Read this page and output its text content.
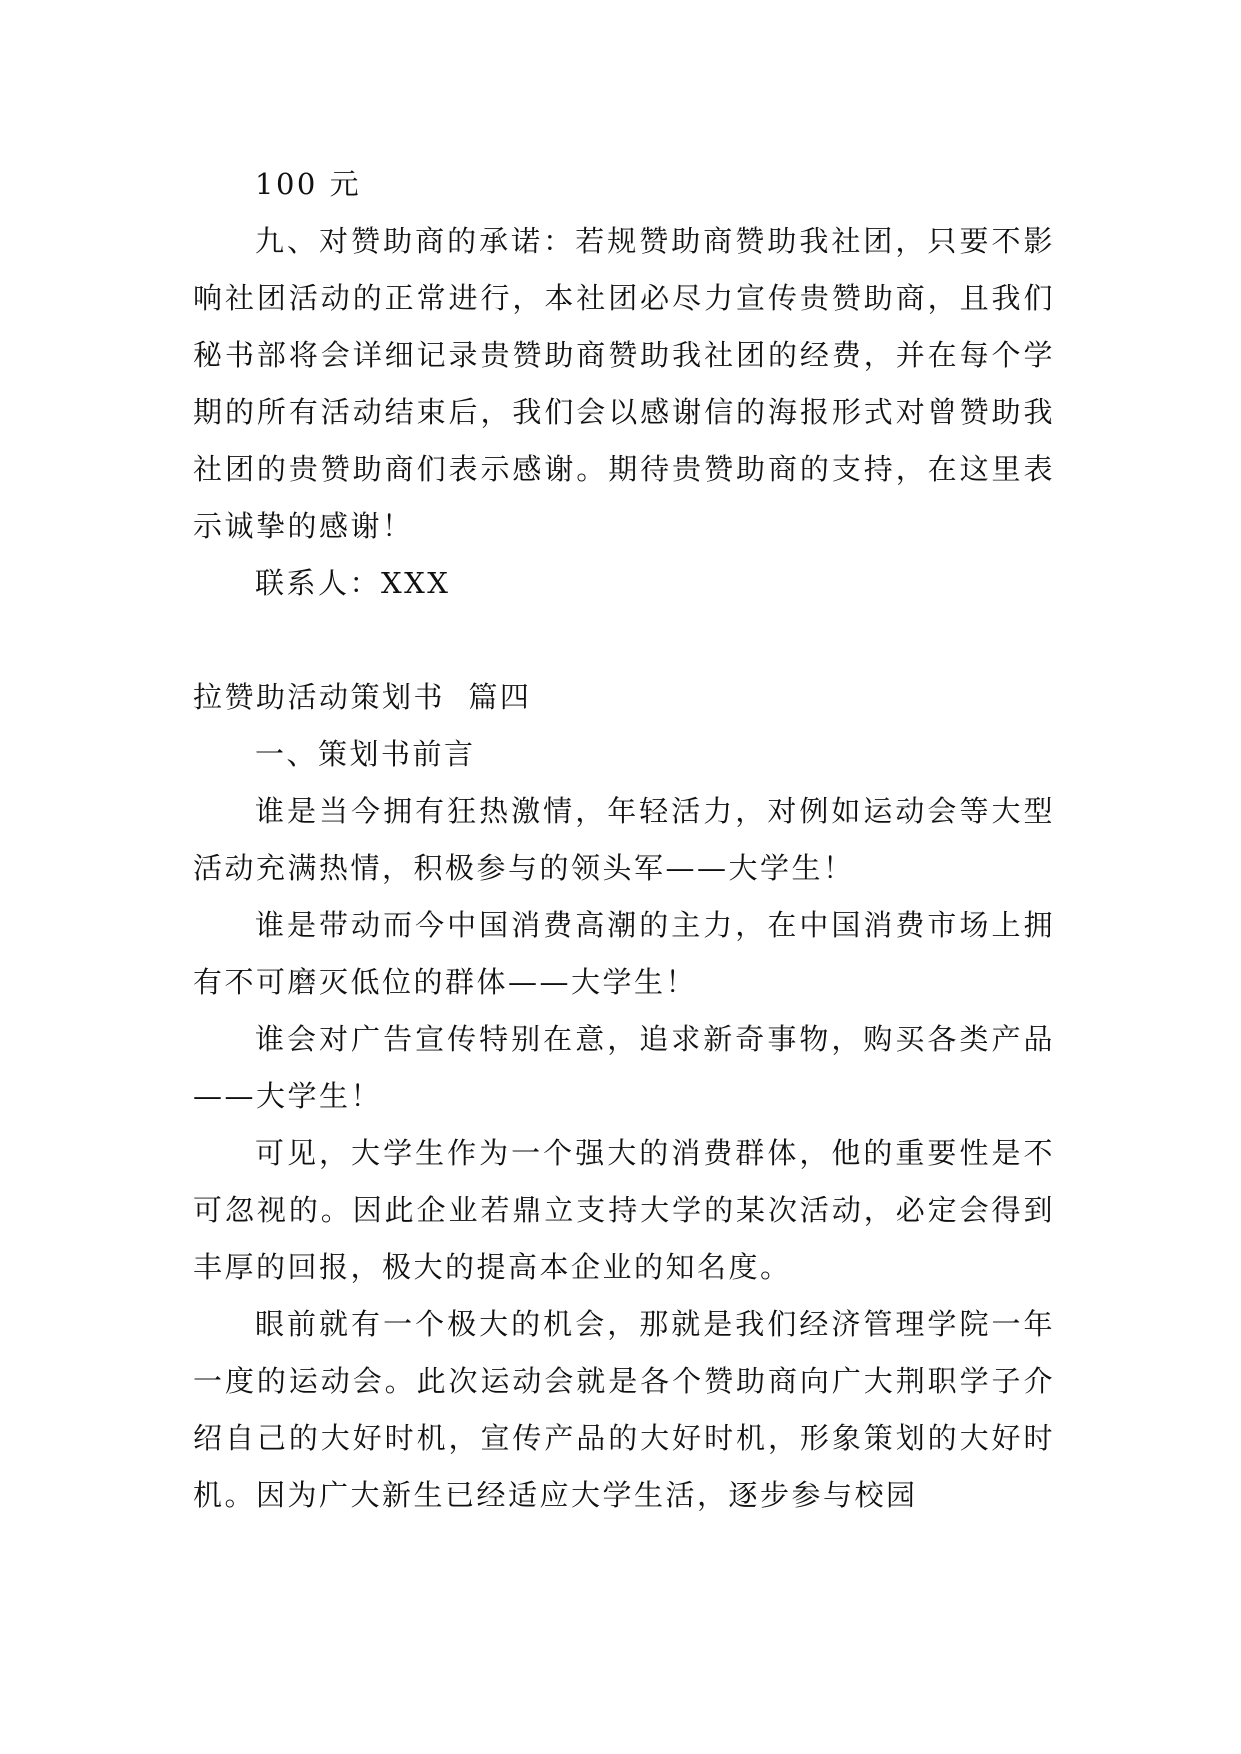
100 元

九、对赞助商的承诺：若规赞助商赞助我社团，只要不影响社团活动的正常进行，本社团必尽力宣传贵赞助商，且我们秘书部将会详细记录贵赞助商赞助我社团的经费，并在每个学期的所有活动结束后，我们会以感谢信的海报形式对曾赞助我社团的贵赞助商们表示感谢。期待贵赞助商的支持，在这里表示诚挚的感谢！

联系人：XXX

拉赞助活动策划书  篇四

一、策划书前言

谁是当今拥有狂热激情，年轻活力，对例如运动会等大型活动充满热情，积极参与的领头军——大学生！

谁是带动而今中国消费高潮的主力，在中国消费市场上拥有不可磨灭低位的群体——大学生！

谁会对广告宣传特别在意，追求新奇事物，购买各类产品——大学生！

可见，大学生作为一个强大的消费群体，他的重要性是不可忽视的。因此企业若鼎立支持大学的某次活动，必定会得到丰厚的回报，极大的提高本企业的知名度。

眼前就有一个极大的机会，那就是我们经济管理学院一年一度的运动会。此次运动会就是各个赞助商向广大荆职学子介绍自己的大好时机，宣传产品的大好时机，形象策划的大好时机。因为广大新生已经适应大学生活，逐步参与校园
